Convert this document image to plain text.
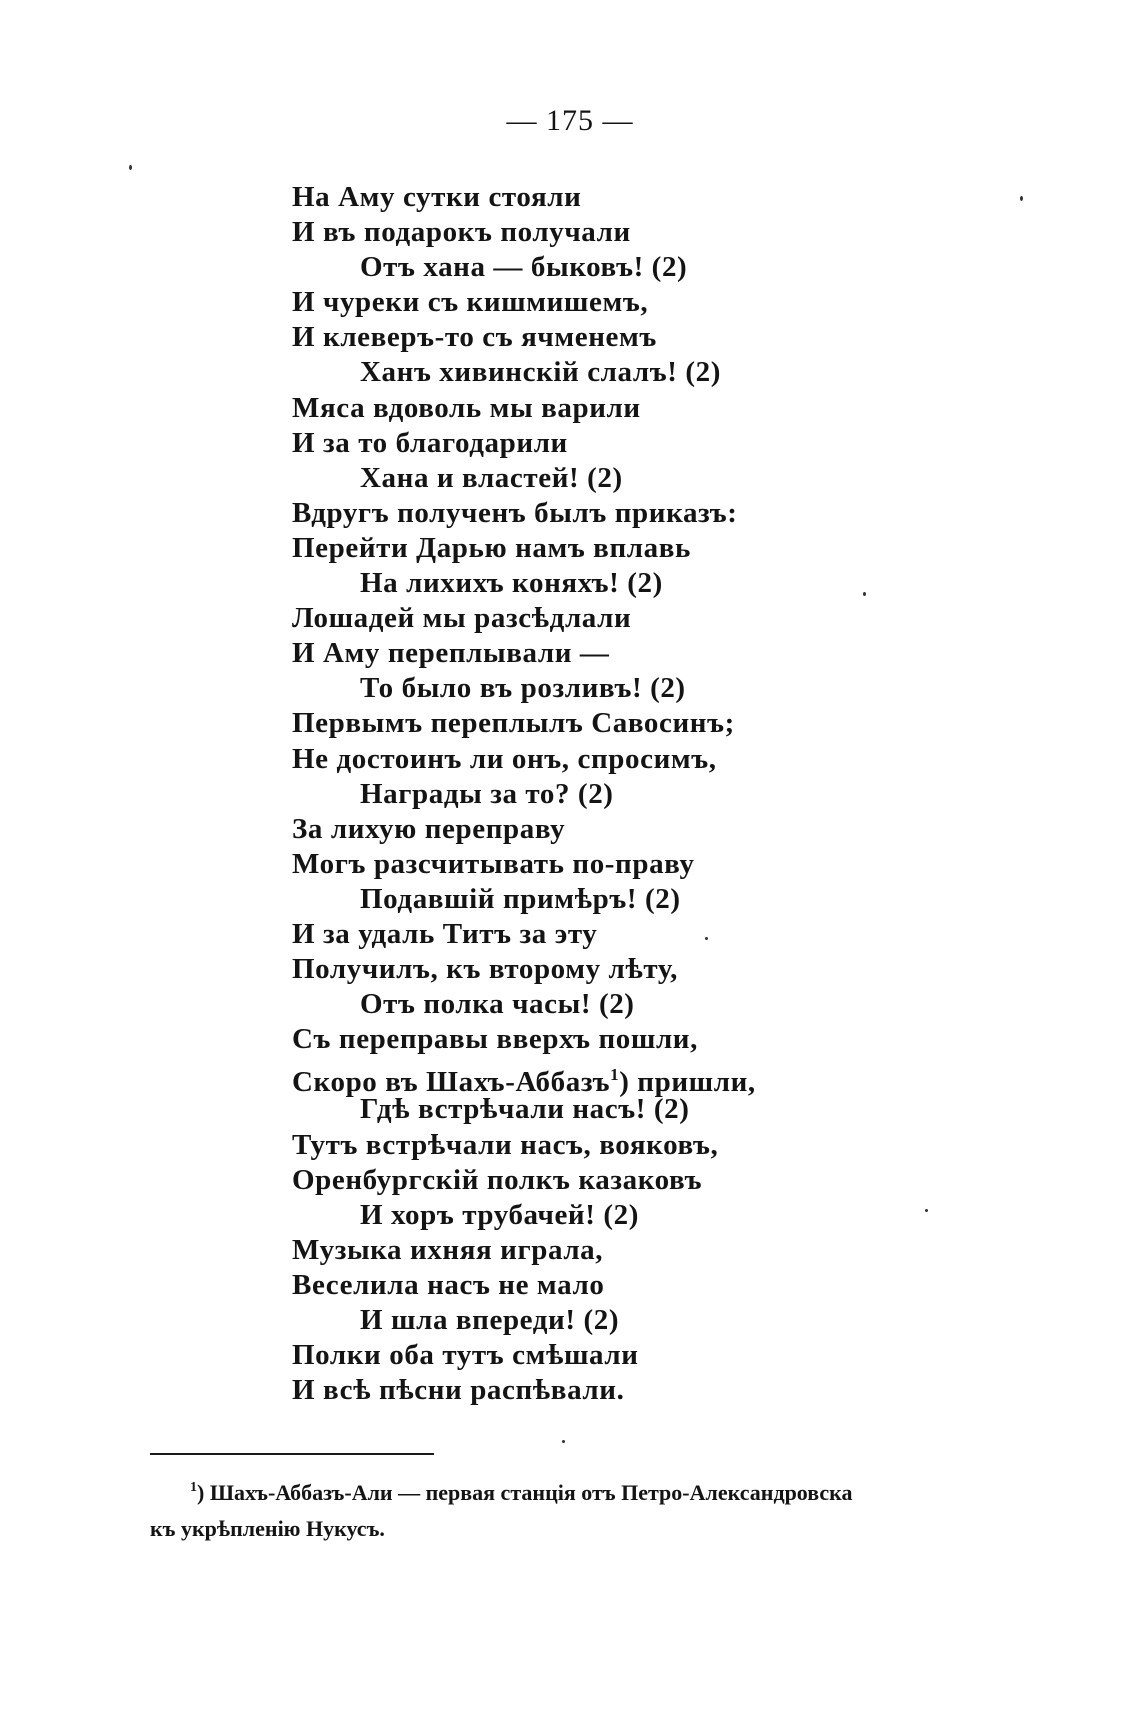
— 175 —
На Аму сутки стояли
И въ подарокъ получали
Отъ хана — быковъ! (2)
И чуреки съ кишмишемъ,
И клеверъ-то съ ячменемъ
Ханъ хивинскій слалъ! (2)
Мяса вдоволь мы варили
И за то благодарили
Хана и властей! (2)
Вдругъ полученъ былъ приказъ:
Перейти Дарью намъ вплавь
На лихихъ коняхъ! (2)
Лошадей мы разсѣдлали
И Аму переплывали —
То было въ розливъ! (2)
Первымъ переплылъ Савосинъ;
Не достоинъ ли онъ, спросимъ,
Награды за то? (2)
За лихую переправу
Могъ разсчитывать по-праву
Подавшій примѣръ! (2)
И за удаль Титъ за эту
Получилъ, къ второму лѣту,
Отъ полка часы! (2)
Съ переправы вверхъ пошли,
Скоро въ Шахъ-Аббазъ$^1$) пришли,
Гдѣ встрѣчали насъ! (2)
Тутъ встрѣчали насъ, вояковъ,
Оренбургскій полкъ казаковъ
И хоръ трубачей! (2)
Музыка ихняя играла,
Веселила насъ не мало
И шла впереди! (2)
Полки оба тутъ смѣшали
И всѣ пѣсни распѣвали.
$^1$) Шахъ-Аббазъ-Али — первая станція отъ Петро-Александровска
къ укрѣпленію Нукусъ.
